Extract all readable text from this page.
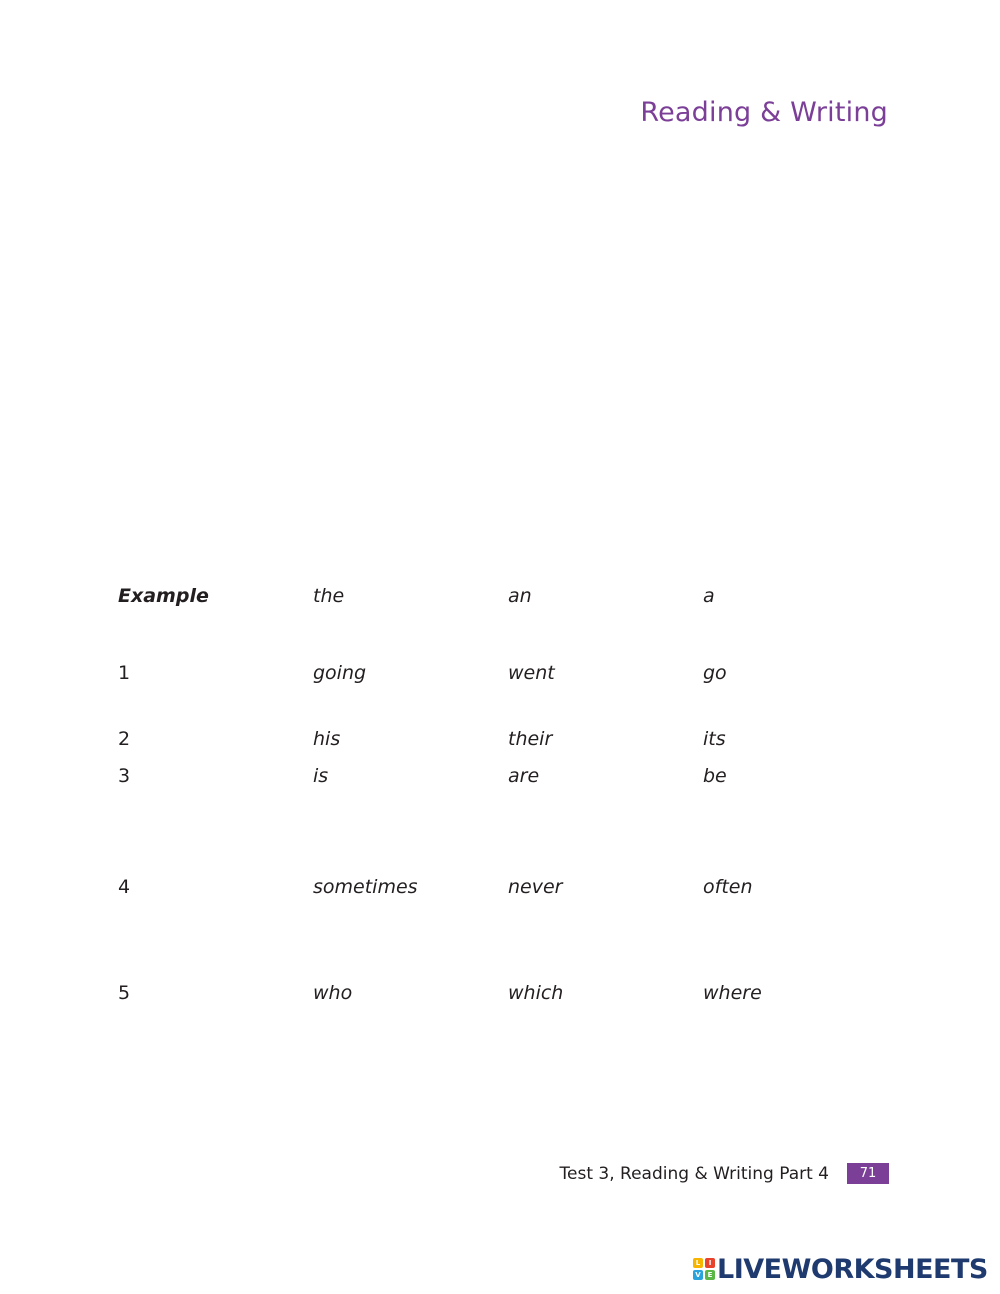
Reading & Writing
Example	the	an	a
1	going	went	go
2	his	their	its
3	is	are	be
4	sometimes	never	often
5	who	which	where
Test 3, Reading & Writing Part 4	71
L	I
V E LIVEWORKSHEETS
